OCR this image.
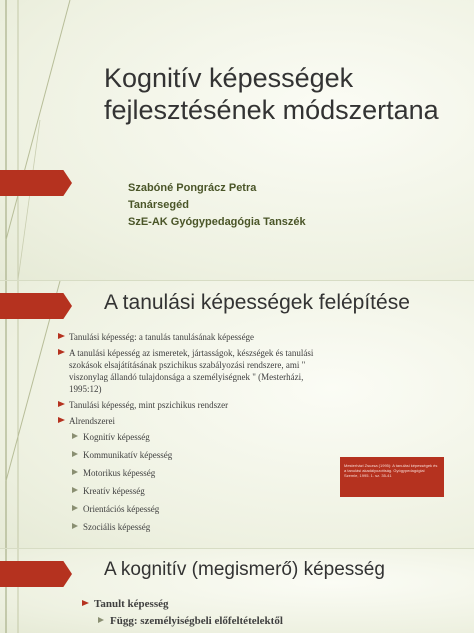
Kognitív képességek
fejlesztésének módszertana
Szabóné Pongrácz Petra
Tanársegéd
SzE-AK Gyógypedagógia Tanszék
A tanulási képességek felépítése
Tanulási képesség: a tanulás tanulásának képessége
A tanulási képesség az ismeretek, jártasságok, készségek és tanulási szokások elsajátításának pszichikus szabályozási rendszere, ami " viszonylag állandó tulajdonsága a személyiségnek " (Mesterházi, 1995:12)
Tanulási képesség, mint pszichikus rendszer
Alrendszerei
Kognitív képesség
Kommunikatív képesség
Motorikus képesség
Kreatív képesség
Orientációs képesség
Szociális képesség
Mesterházi Zsuzsa (1995): A tanulási képességek és a tanulási akadályozottság. Gyógypedagógiai Szemle, 1995. 1. sz. 35-41
A kognitív (megismerő) képesség
Tanult képesség
Függ: személyiségbeli előfeltételektől
